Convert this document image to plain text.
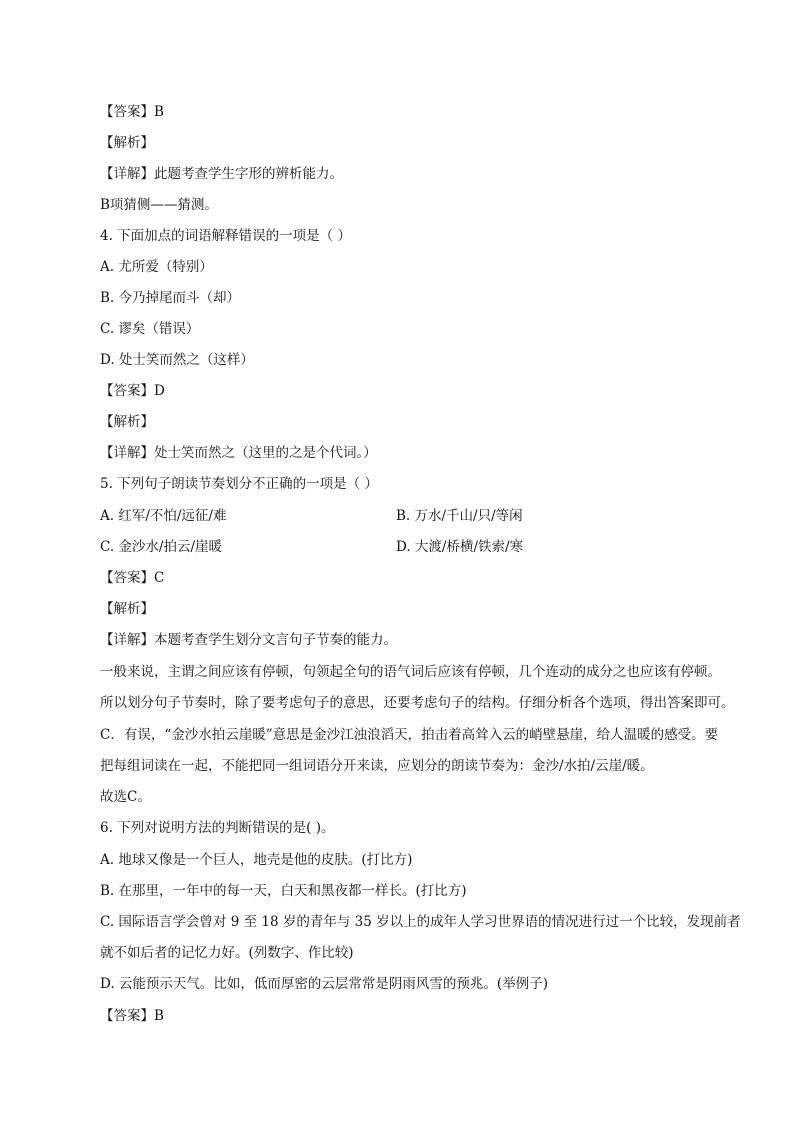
【答案】B
【解析】
【详解】此题考查学生字形的辨析能力。
B项猜侧——猜测。
4. 下面加点的词语解释错误的一项是（ ）
A. 尤所爱（特别）
B. 今乃掉尾而斗（却）
C. 谬矣（错误）
D. 处士笑而然之（这样）
【答案】D
【解析】
【详解】处士笑而然之（这里的之是个代词。）
5. 下列句子朗读节奏划分不正确的一项是（ ）
A. 红军/不怕/远征/难	B. 万水/千山/只/等闲
C. 金沙水/拍云/崖暖	D. 大渡/桥横/铁索/寒
【答案】C
【解析】
【详解】本题考查学生划分文言句子节奏的能力。
一般来说，主谓之间应该有停顿，句领起全句的语气词后应该有停顿，几个连动的成分之也应该有停顿。
所以划分句子节奏时，除了要考虑句子的意思，还要考虑句子的结构。仔细分析各个选项，得出答案即可。
C．有误，“金沙水拍云崖暖”意思是金沙江浊浪滔天，拍击着高耸入云的峭壁悬崖，给人温暖的感受。要
把每组词读在一起，不能把同一组词语分开来读，应划分的朗读节奏为：金沙/水拍/云崖/暖。
故选C。
6. 下列对说明方法的判断错误的是( )。
A. 地球又像是一个巨人，地壳是他的皮肤。(打比方)
B. 在那里，一年中的每一天，白天和黑夜都一样长。(打比方)
C. 国际语言学会曾对 9 至 18 岁的青年与 35 岁以上的成年人学习世界语的情况进行过一个比较，发现前者
就不如后者的记忆力好。(列数字、作比较)
D. 云能预示天气。比如，低而厚密的云层常常是阴雨风雪的预兆。(举例子)
【答案】B
